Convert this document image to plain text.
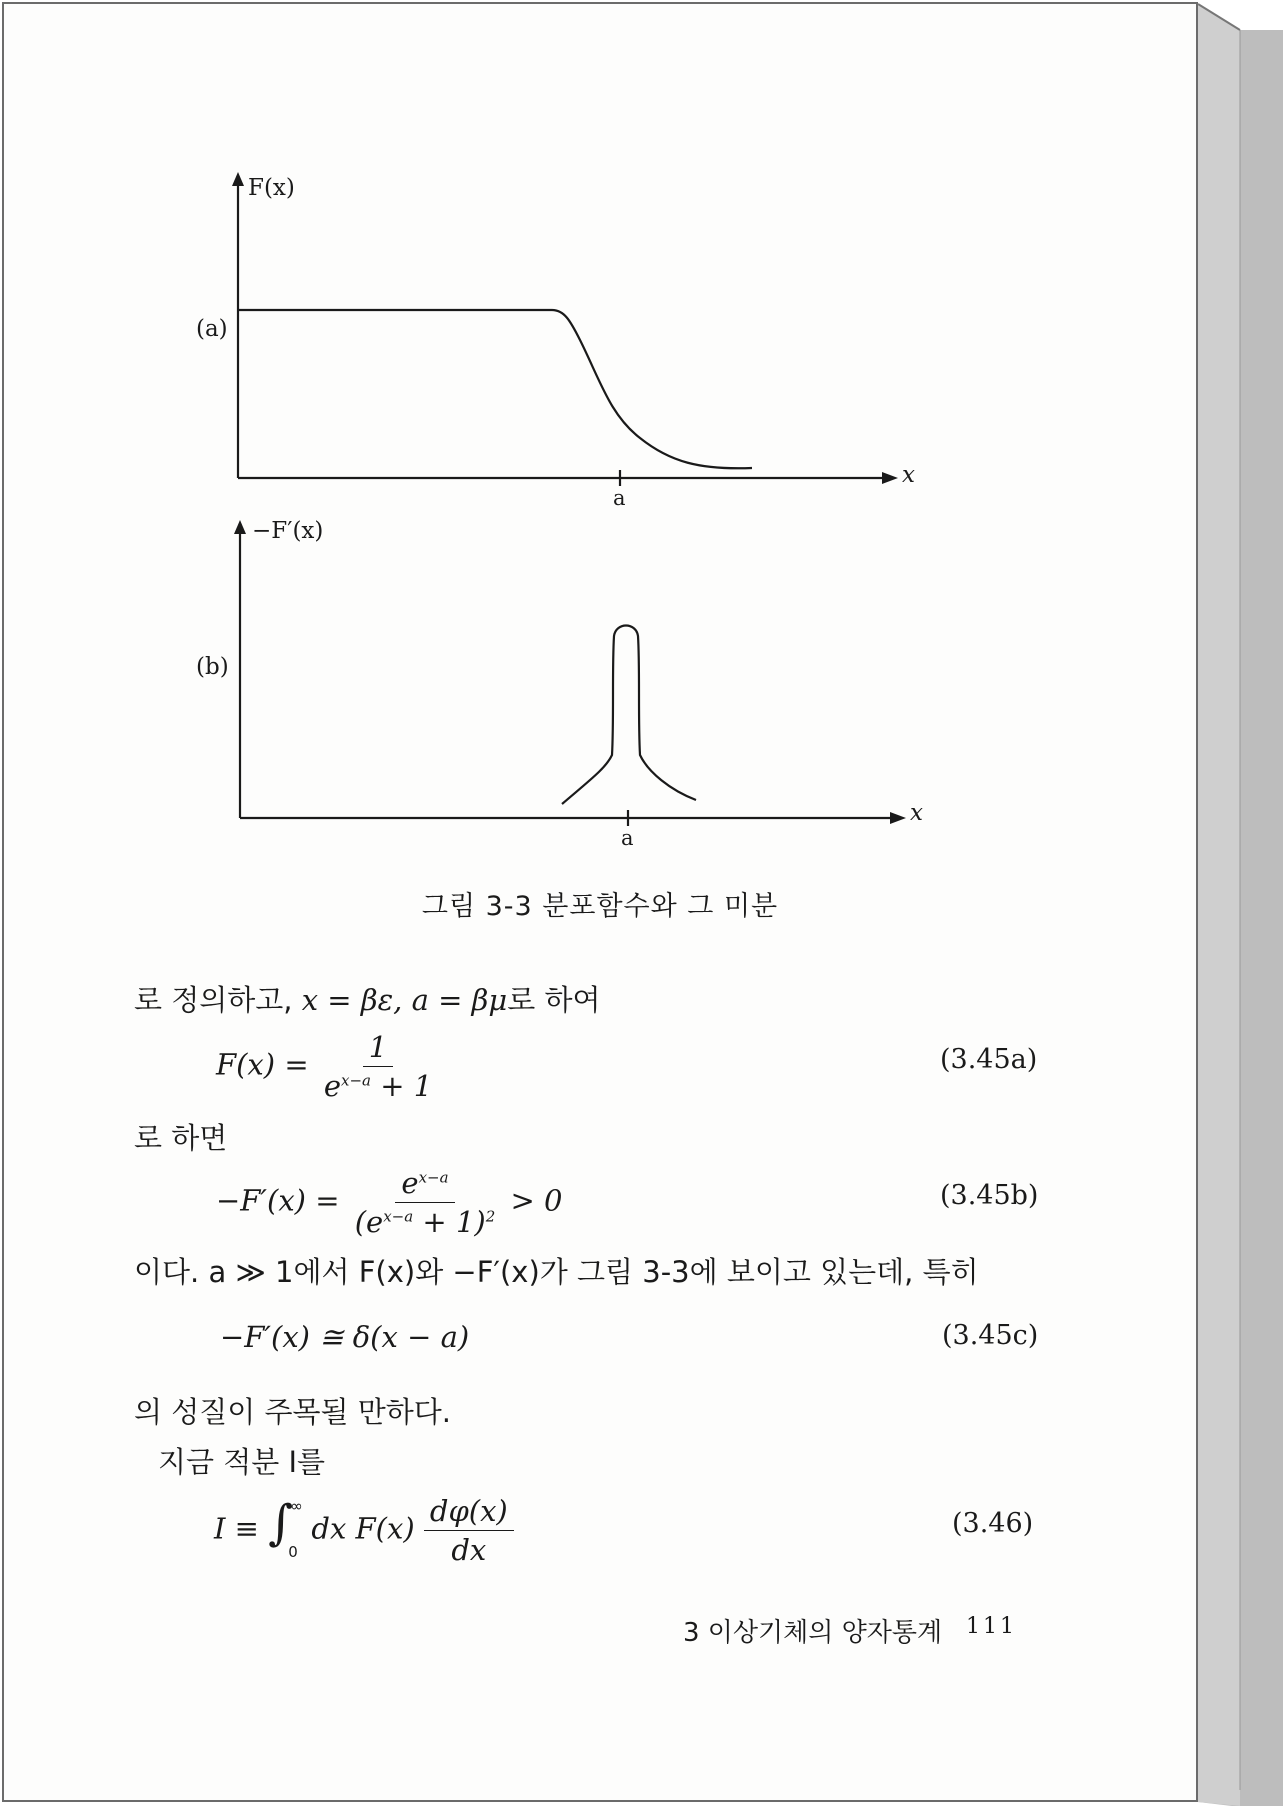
F(x)
(a)
x
a
−F′(x)
(b)
x
a
그림 3-3 분포함수와 그 미분
로 정의하고, x = βε, a = βμ로 하여
$F(x) = \frac{1}{e^{x-a} + 1}$	(3.45a)
로 하면
$-F'(x) = \frac{e^{x-a}}{(e^{x-a} + 1)^2} > 0$	(3.45b)
이다. a ≫ 1에서 F(x)와 −F′(x)가 그림 3-3에 보이고 있는데, 특히
−F′(x) ≅ δ(x − a)	(3.45c)
의 성질이 주목될 만하다.
지금 적분 I를
I ≡ ∫
∞
0
dx $F(x) \frac{d\varphi(x)}{dx}$	(3.46)
3 이상기체의 양자통계 111
